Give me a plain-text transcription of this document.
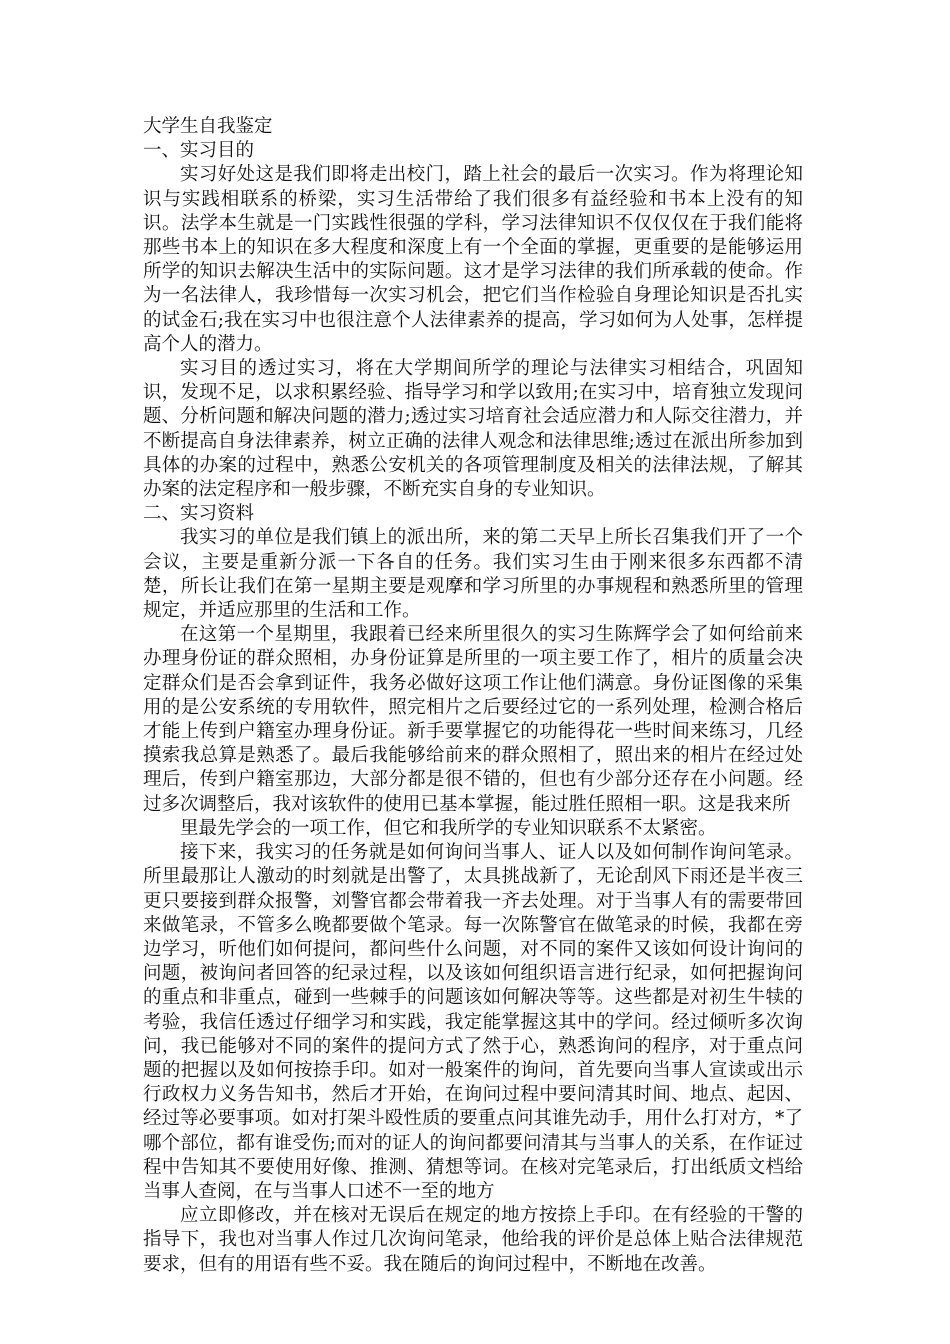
大学生自我鉴定

一、实习目的

实习好处这是我们即将走出校门，踏上社会的最后一次实习。作为将理论知识与实践相联系的桥梁，实习生活带给了我们很多有益经验和书本上没有的知识。法学本生就是一门实践性很强的学科，学习法律知识不仅仅仅在于我们能将那些书本上的知识在多大程度和深度上有一个全面的掌握，更重要的是能够运用所学的知识去解决生活中的实际问题。这才是学习法律的我们所承载的使命。作为一名法律人，我珍惜每一次实习机会，把它们当作检验自身理论知识是否扎实的试金石;我在实习中也很注意个人法律素养的提高，学习如何为人处事，怎样提高个人的潜力。

实习目的透过实习，将在大学期间所学的理论与法律实习相结合，巩固知识，发现不足，以求积累经验、指导学习和学以致用;在实习中，培育独立发现问题、分析问题和解决问题的潜力;透过实习培育社会适应潜力和人际交往潜力，并不断提高自身法律素养，树立正确的法律人观念和法律思维;透过在派出所参加到具体的办案的过程中，熟悉公安机关的各项管理制度及相关的法律法规，了解其办案的法定程序和一般步骤，不断充实自身的专业知识。

二、实习资料

我实习的单位是我们镇上的派出所，来的第二天早上所长召集我们开了一个会议，主要是重新分派一下各自的任务。我们实习生由于刚来很多东西都不清楚，所长让我们在第一星期主要是观摩和学习所里的办事规程和熟悉所里的管理规定，并适应那里的生活和工作。

在这第一个星期里，我跟着已经来所里很久的实习生陈辉学会了如何给前来办理身份证的群众照相，办身份证算是所里的一项主要工作了，相片的质量会决定群众们是否会拿到证件，我务必做好这项工作让他们满意。身份证图像的采集用的是公安系统的专用软件，照完相片之后要经过它的一系列处理，检测合格后才能上传到户籍室办理身份证。新手要掌握它的功能得花一些时间来练习，几经摸索我总算是熟悉了。最后我能够给前来的群众照相了，照出来的相片在经过处理后，传到户籍室那边，大部分都是很不错的，但也有少部分还存在小问题。经过多次调整后，我对该软件的使用已基本掌握，能过胜任照相一职。这是我来所

里最先学会的一项工作，但它和我所学的专业知识联系不太紧密。

接下来，我实习的任务就是如何询问当事人、证人以及如何制作询问笔录。所里最那让人激动的时刻就是出警了，太具挑战新了，无论刮风下雨还是半夜三更只要接到群众报警，刘警官都会带着我一齐去处理。对于当事人有的需要带回来做笔录，不管多么晚都要做个笔录。每一次陈警官在做笔录的时候，我都在旁边学习，听他们如何提问，都问些什么问题，对不同的案件又该如何设计询问的问题，被询问者回答的纪录过程，以及该如何组织语言进行纪录，如何把握询问的重点和非重点，碰到一些棘手的问题该如何解决等等。这些都是对初生牛犊的考验，我信任透过仔细学习和实践，我定能掌握这其中的学问。经过倾听多次询问，我已能够对不同的案件的提问方式了然于心，熟悉询问的程序，对于重点问题的把握以及如何按捺手印。如对一般案件的询问，首先要向当事人宣读或出示行政权力义务告知书，然后才开始，在询问过程中要问清其时间、地点、起因、经过等必要事项。如对打架斗殴性质的要重点问其谁先动手，用什么打对方，*了哪个部位，都有谁受伤;而对的证人的询问都要问清其与当事人的关系，在作证过程中告知其不要使用好像、推测、猜想等词。在核对完笔录后，打出纸质文档给当事人查阅，在与当事人口述不一至的地方

应立即修改，并在核对无误后在规定的地方按捺上手印。在有经验的干警的指导下，我也对当事人作过几次询问笔录，他给我的评价是总体上贴合法律规范要求，但有的用语有些不妥。我在随后的询问过程中，不断地在改善。
